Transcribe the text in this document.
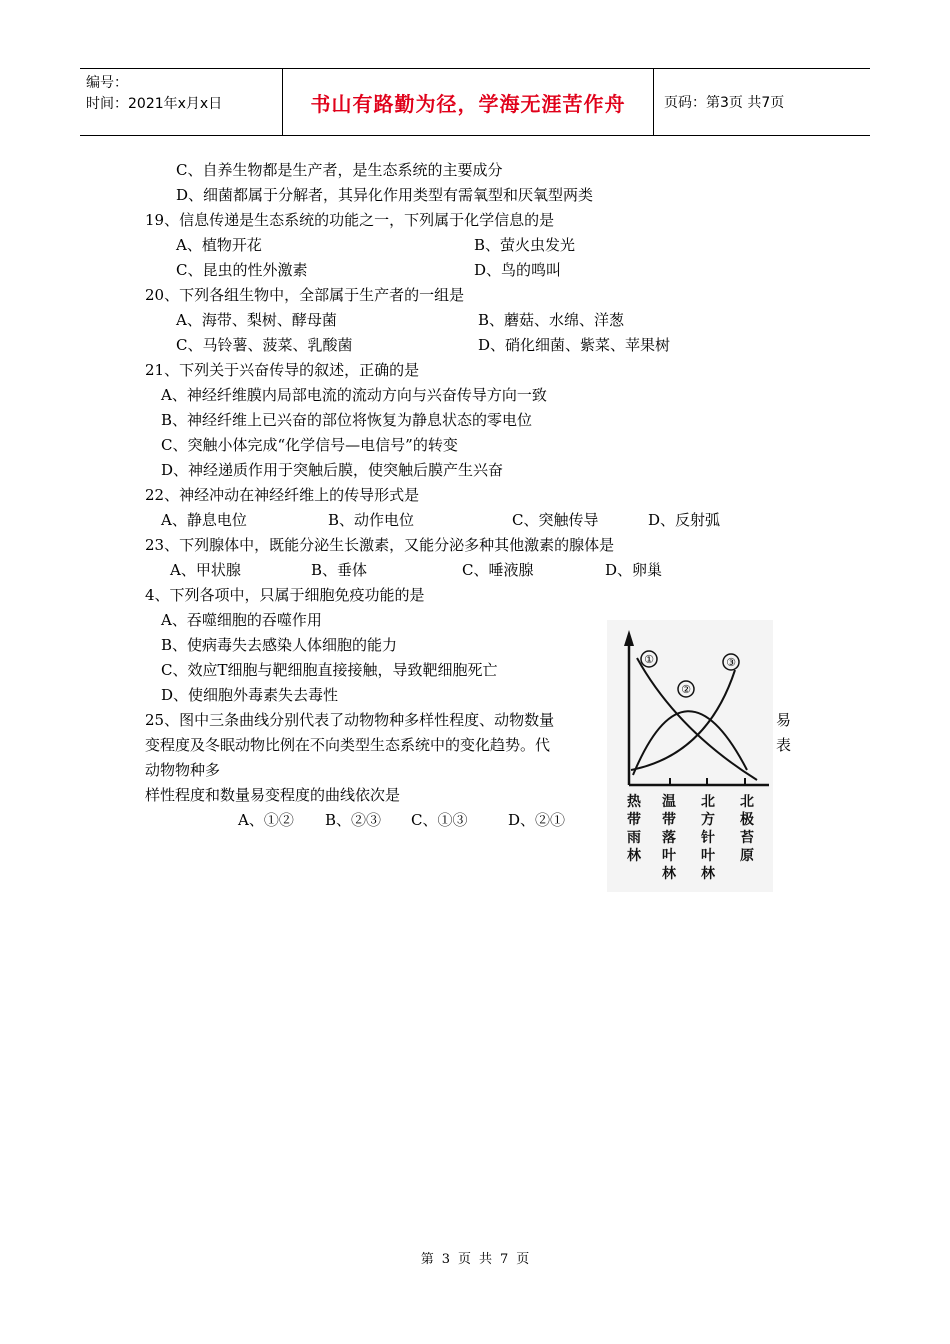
编号：
时间：2021年x月x日	书山有路勤为径，学海无涯苦作舟	页码：第3页 共7页
C、自养生物都是生产者，是生态系统的主要成分
D、细菌都属于分解者，其异化作用类型有需氧型和厌氧型两类
19、信息传递是生态系统的功能之一，下列属于化学信息的是
A、植物开花	B、萤火虫发光
C、昆虫的性外激素	D、鸟的鸣叫
20、下列各组生物中，全部属于生产者的一组是
A、海带、梨树、酵母菌	B、蘑菇、水绵、洋葱
C、马铃薯、菠菜、乳酸菌	D、硝化细菌、紫菜、苹果树
21、下列关于兴奋传导的叙述，正确的是
A、神经纤维膜内局部电流的流动方向与兴奋传导方向一致
B、神经纤维上已兴奋的部位将恢复为静息状态的零电位
C、突触小体完成“化学信号—电信号”的转变
D、神经递质作用于突触后膜，使突触后膜产生兴奋
22、神经冲动在神经纤维上的传导形式是
A、静息电位	B、动作电位	C、突触传导	D、反射弧
23、下列腺体中，既能分泌生长激素，又能分泌多种其他激素的腺体是
A、甲状腺	B、垂体	C、唾液腺	D、卵巢
4、下列各项中，只属于细胞免疫功能的是
A、吞噬细胞的吞噬作用
B、使病毒失去感染人体细胞的能力
C、效应T细胞与靶细胞直接接触，导致靶细胞死亡
D、使细胞外毒素失去毒性
25、图中三条曲线分别代表了动物物种多样性程度、动物数量	易
变程度及冬眠动物比例在不向类型生态系统中的变化趋势。代	表
动物物种多
样性程度和数量易变程度的曲线依次是
A、①② B、②③ C、①③	D、②①
①
②
③
热带雨林
温带落叶林
北方针叶林
北极苔原
第 3 页 共 7 页
